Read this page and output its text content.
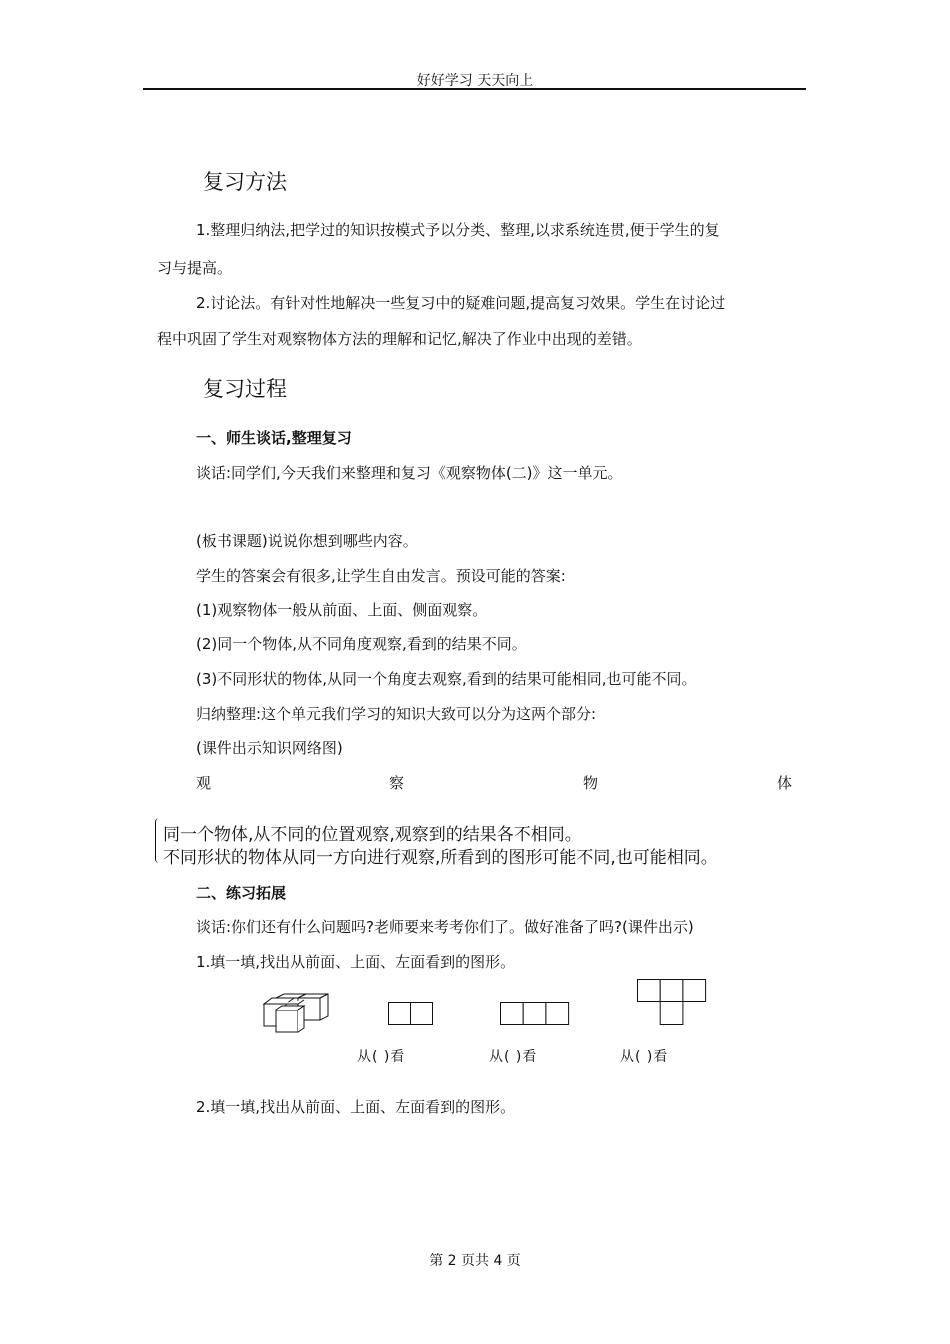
好好学习 天天向上
复习方法
1.整理归纳法,把学过的知识按模式予以分类、整理,以求系统连贯,便于学生的复
习与提高。
2.讨论法。有针对性地解决一些复习中的疑难问题,提高复习效果。学生在讨论过
程中巩固了学生对观察物体方法的理解和记忆,解决了作业中出现的差错。
复习过程
一、师生谈话,整理复习
谈话:同学们,今天我们来整理和复习《观察物体(二)》这一单元。
(板书课题)说说你想到哪些内容。
学生的答案会有很多,让学生自由发言。预设可能的答案:
(1)观察物体一般从前面、上面、侧面观察。
(2)同一个物体,从不同角度观察,看到的结果不同。
(3)不同形状的物体,从同一个角度去观察,看到的结果可能相同,也可能不同。
归纳整理:这个单元我们学习的知识大致可以分为这两个部分:
(课件出示知识网络图)
观	察	物	体
同一个物体,从不同的位置观察,观察到的结果各不相同。
不同形状的物体从同一方向进行观察,所看到的图形可能不同,也可能相同。
二、练习拓展
谈话:你们还有什么问题吗?老师要来考考你们了。做好准备了吗?(课件出示)
1.填一填,找出从前面、上面、左面看到的图形。
从( )看	从( )看	从( )看
2.填一填,找出从前面、上面、左面看到的图形。
第 2 页共 4 页
